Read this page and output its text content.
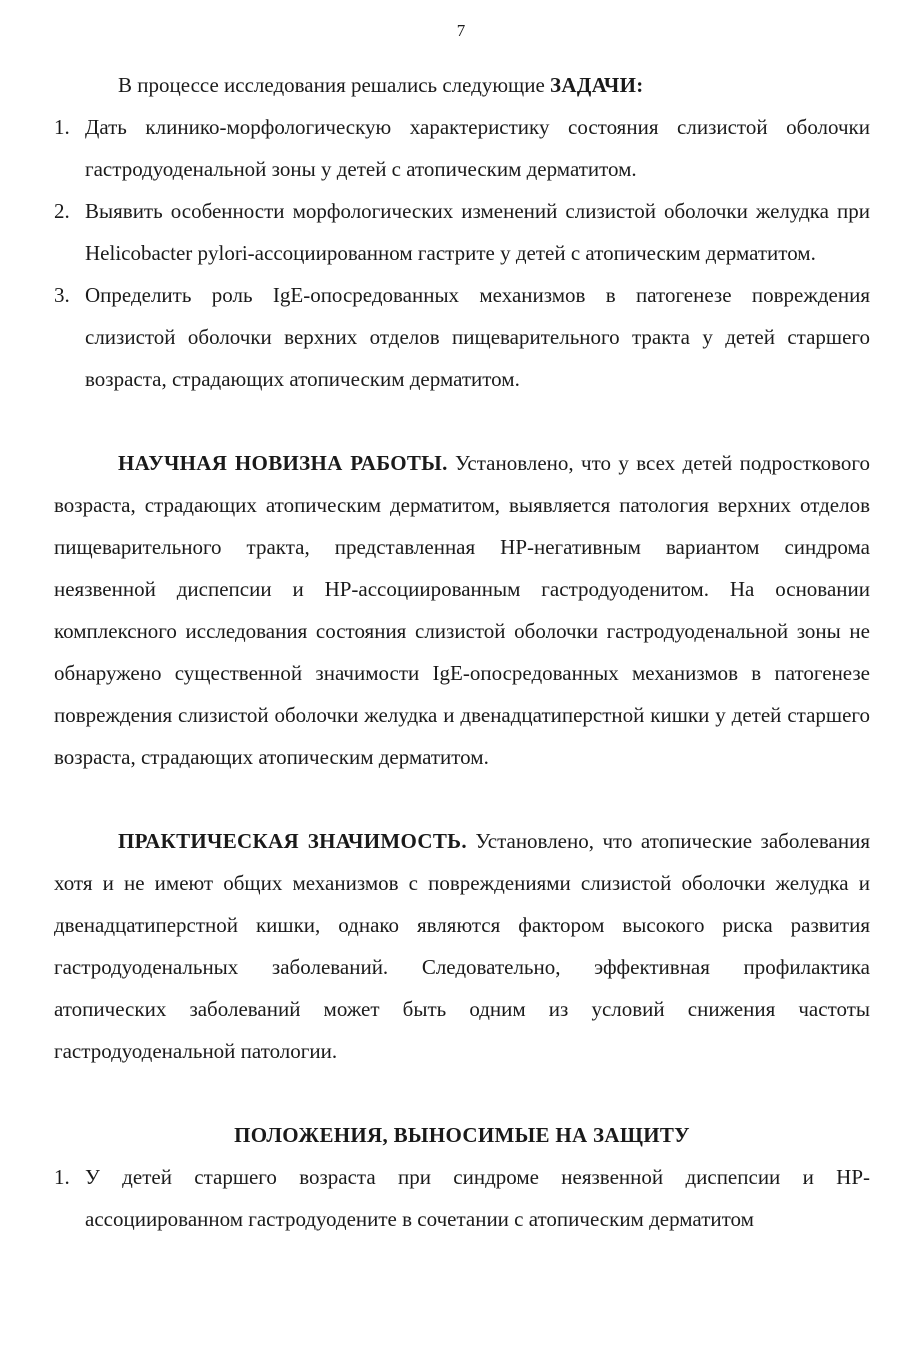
7

В процессе исследования решались следующие ЗАДАЧИ:

1. Дать клинико-морфологическую характеристику состояния слизистой оболочки гастродуоденальной зоны у детей с атопическим дерматитом.
2. Выявить особенности морфологических изменений слизистой оболочки желудка при Helicobacter pylori-ассоциированном гастрите у детей с атопическим дерматитом.
3. Определить роль IgE-опосредованных механизмов в патогенезе повреждения слизистой оболочки верхних отделов пищеварительного тракта у детей старшего возраста, страдающих атопическим дерматитом.

НАУЧНАЯ НОВИЗНА РАБОТЫ. Установлено, что у всех детей подросткового возраста, страдающих атопическим дерматитом, выявляется патология верхних отделов пищеварительного тракта, представленная HP-негативным вариантом синдрома неязвенной диспепсии и HP-ассоциированным гастродуоденитом. На основании комплексного исследования состояния слизистой оболочки гастродуоденальной зоны не обнаружено существенной значимости IgE-опосредованных механизмов в патогенезе повреждения слизистой оболочки желудка и двенадцатиперстной кишки у детей старшего возраста, страдающих атопическим дерматитом.

ПРАКТИЧЕСКАЯ ЗНАЧИМОСТЬ. Установлено, что атопические заболевания хотя и не имеют общих механизмов с повреждениями слизистой оболочки желудка и двенадцатиперстной кишки, однако являются фактором высокого риска развития гастродуоденальных заболеваний. Следовательно, эффективная профилактика атопических заболеваний может быть одним из условий снижения частоты гастродуоденальной патологии.

ПОЛОЖЕНИЯ, ВЫНОСИМЫЕ НА ЗАЩИТУ

1. У детей старшего возраста при синдроме неязвенной диспепсии и HP-ассоциированном гастродуодените в сочетании с атопическим дерматитом
